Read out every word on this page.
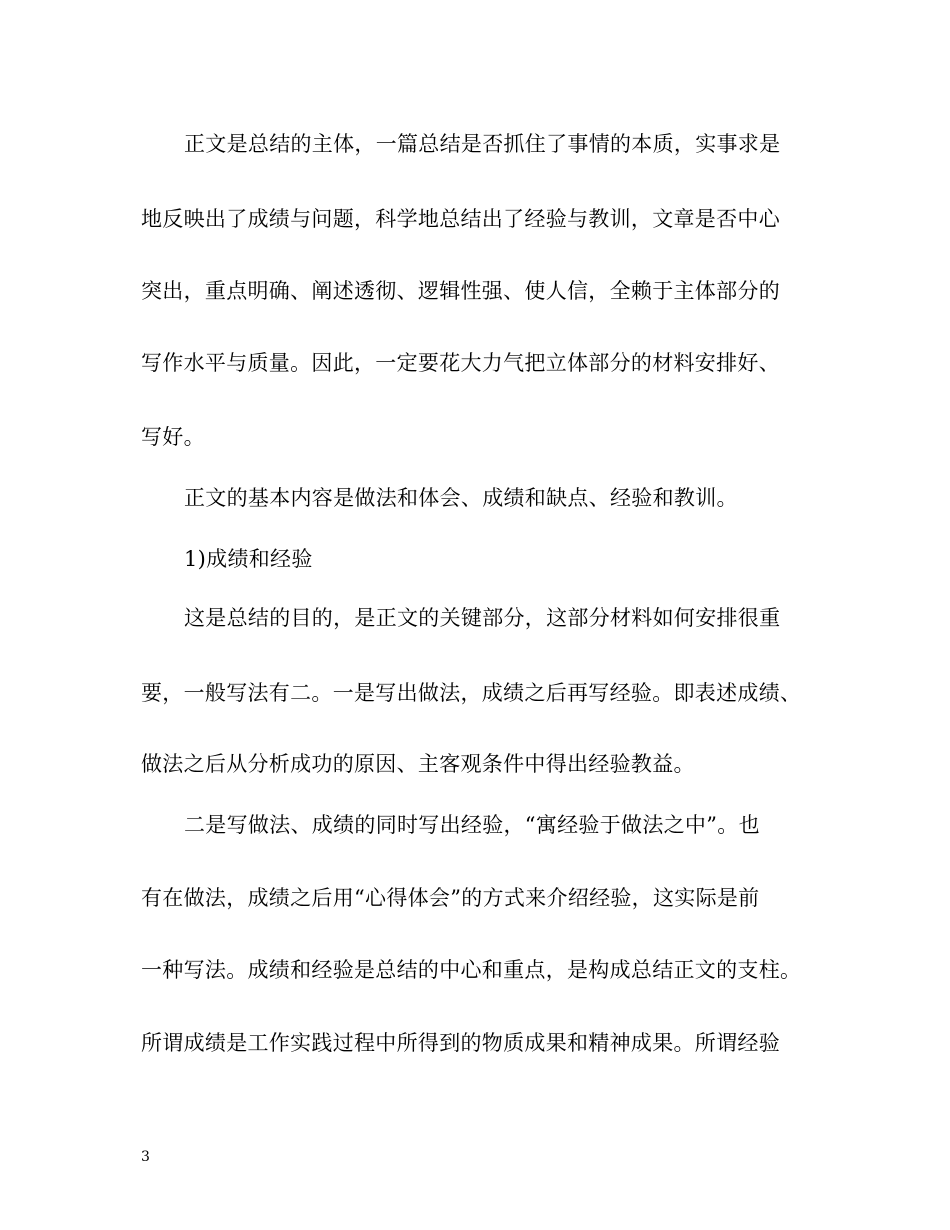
正文是总结的主体，一篇总结是否抓住了事情的本质，实事求是
地反映出了成绩与问题，科学地总结出了经验与教训，文章是否中心
突出，重点明确、阐述透彻、逻辑性强、使人信，全赖于主体部分的
写作水平与质量。因此，一定要花大力气把立体部分的材料安排好、
写好。
正文的基本内容是做法和体会、成绩和缺点、经验和教训。
1)成绩和经验
这是总结的目的，是正文的关键部分，这部分材料如何安排很重
要，一般写法有二。一是写出做法，成绩之后再写经验。即表述成绩、
做法之后从分析成功的原因、主客观条件中得出经验教益。
二是写做法、成绩的同时写出经验，“寓经验于做法之中”。也
有在做法，成绩之后用“心得体会”的方式来介绍经验，这实际是前
一种写法。成绩和经验是总结的中心和重点，是构成总结正文的支柱。
所谓成绩是工作实践过程中所得到的物质成果和精神成果。所谓经验
3
